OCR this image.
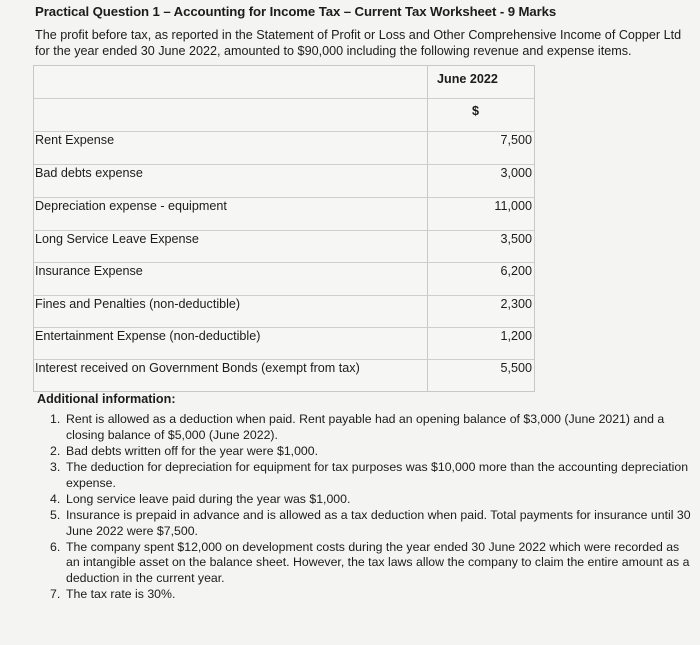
Practical Question 1 – Accounting for Income Tax – Current Tax Worksheet - 9 Marks
The profit before tax, as reported in the Statement of Profit or Loss and Other Comprehensive Income of Copper Ltd for the year ended 30 June 2022, amounted to $90,000 including the following revenue and expense items.
June 2022
$
Rent Expense	7,500
Bad debts expense	3,000
Depreciation expense - equipment	11,000
Long Service Leave Expense	3,500
Insurance Expense	6,200
Fines and Penalties (non-deductible)	2,300
Entertainment Expense (non-deductible)	1,200
Interest received on Government Bonds (exempt from tax)	5,500
Additional information:
1. Rent is allowed as a deduction when paid. Rent payable had an opening balance of $3,000 (June 2021) and a closing balance of $5,000 (June 2022).
2. Bad debts written off for the year were $1,000.
3. The deduction for depreciation for equipment for tax purposes was $10,000 more than the accounting depreciation expense.
4. Long service leave paid during the year was $1,000.
5. Insurance is prepaid in advance and is allowed as a tax deduction when paid. Total payments for insurance until 30 June 2022 were $7,500.
6. The company spent $12,000 on development costs during the year ended 30 June 2022 which were recorded as an intangible asset on the balance sheet. However, the tax laws allow the company to claim the entire amount as a deduction in the current year.
7. The tax rate is 30%.
